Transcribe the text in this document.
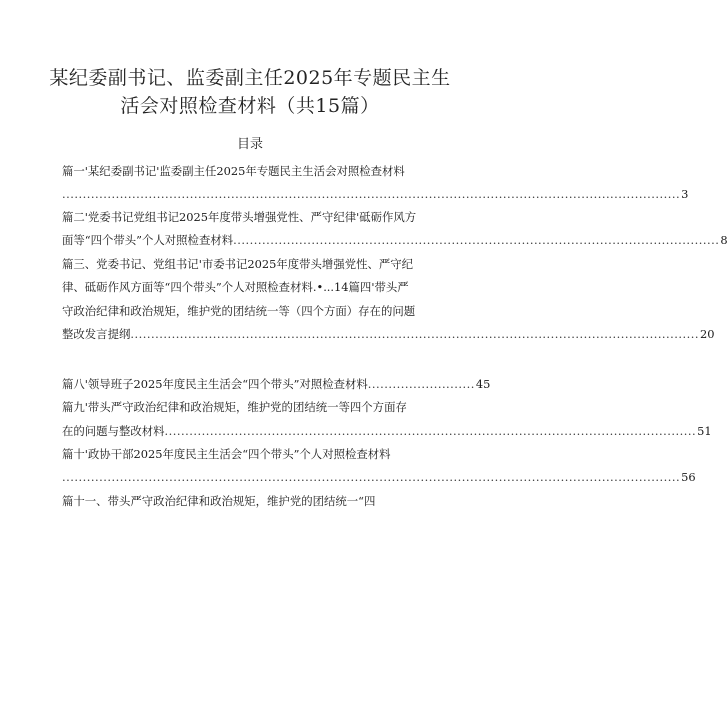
某纪委副书记、监委副主任2025年专题民主生
活会对照检查材料（共15篇）
目录
篇一'某纪委副书记'监委副主任2025年专题民主生活会对照检查材料
...................................................................................................................................................... 3
篇二'党委书记党组书记2025年度带头增强党性、严守纪律'砥砺作风方
面等“四个带头”个人对照检查材料 ...................................................................................................................... 8
篇三、党委书记、党组书记'市委书记2025年度带头增强党性、严守纪
律、砥砺作风方面等“四个带头”个人对照检查材料.•...14篇四'带头严
守政治纪律和政治规矩，维护党的团结统一等（四个方面）存在的问题
整改发言提纲 .......................................................................................................................................... 20
篇八'领导班子2025年度民主生活会“四个带头”对照检查材料 .......................... 45
篇九'带头严守政治纪律和政治规矩，维护党的团结统一等四个方面存
在的问题与整改材料 ................................................................................................................................. 51
篇十'政协干部2025年度民主生活会“四个带头”个人对照检查材料
...................................................................................................................................................... 56
篇十一、带头严守政治纪律和政治规矩，维护党的团结统一“四
